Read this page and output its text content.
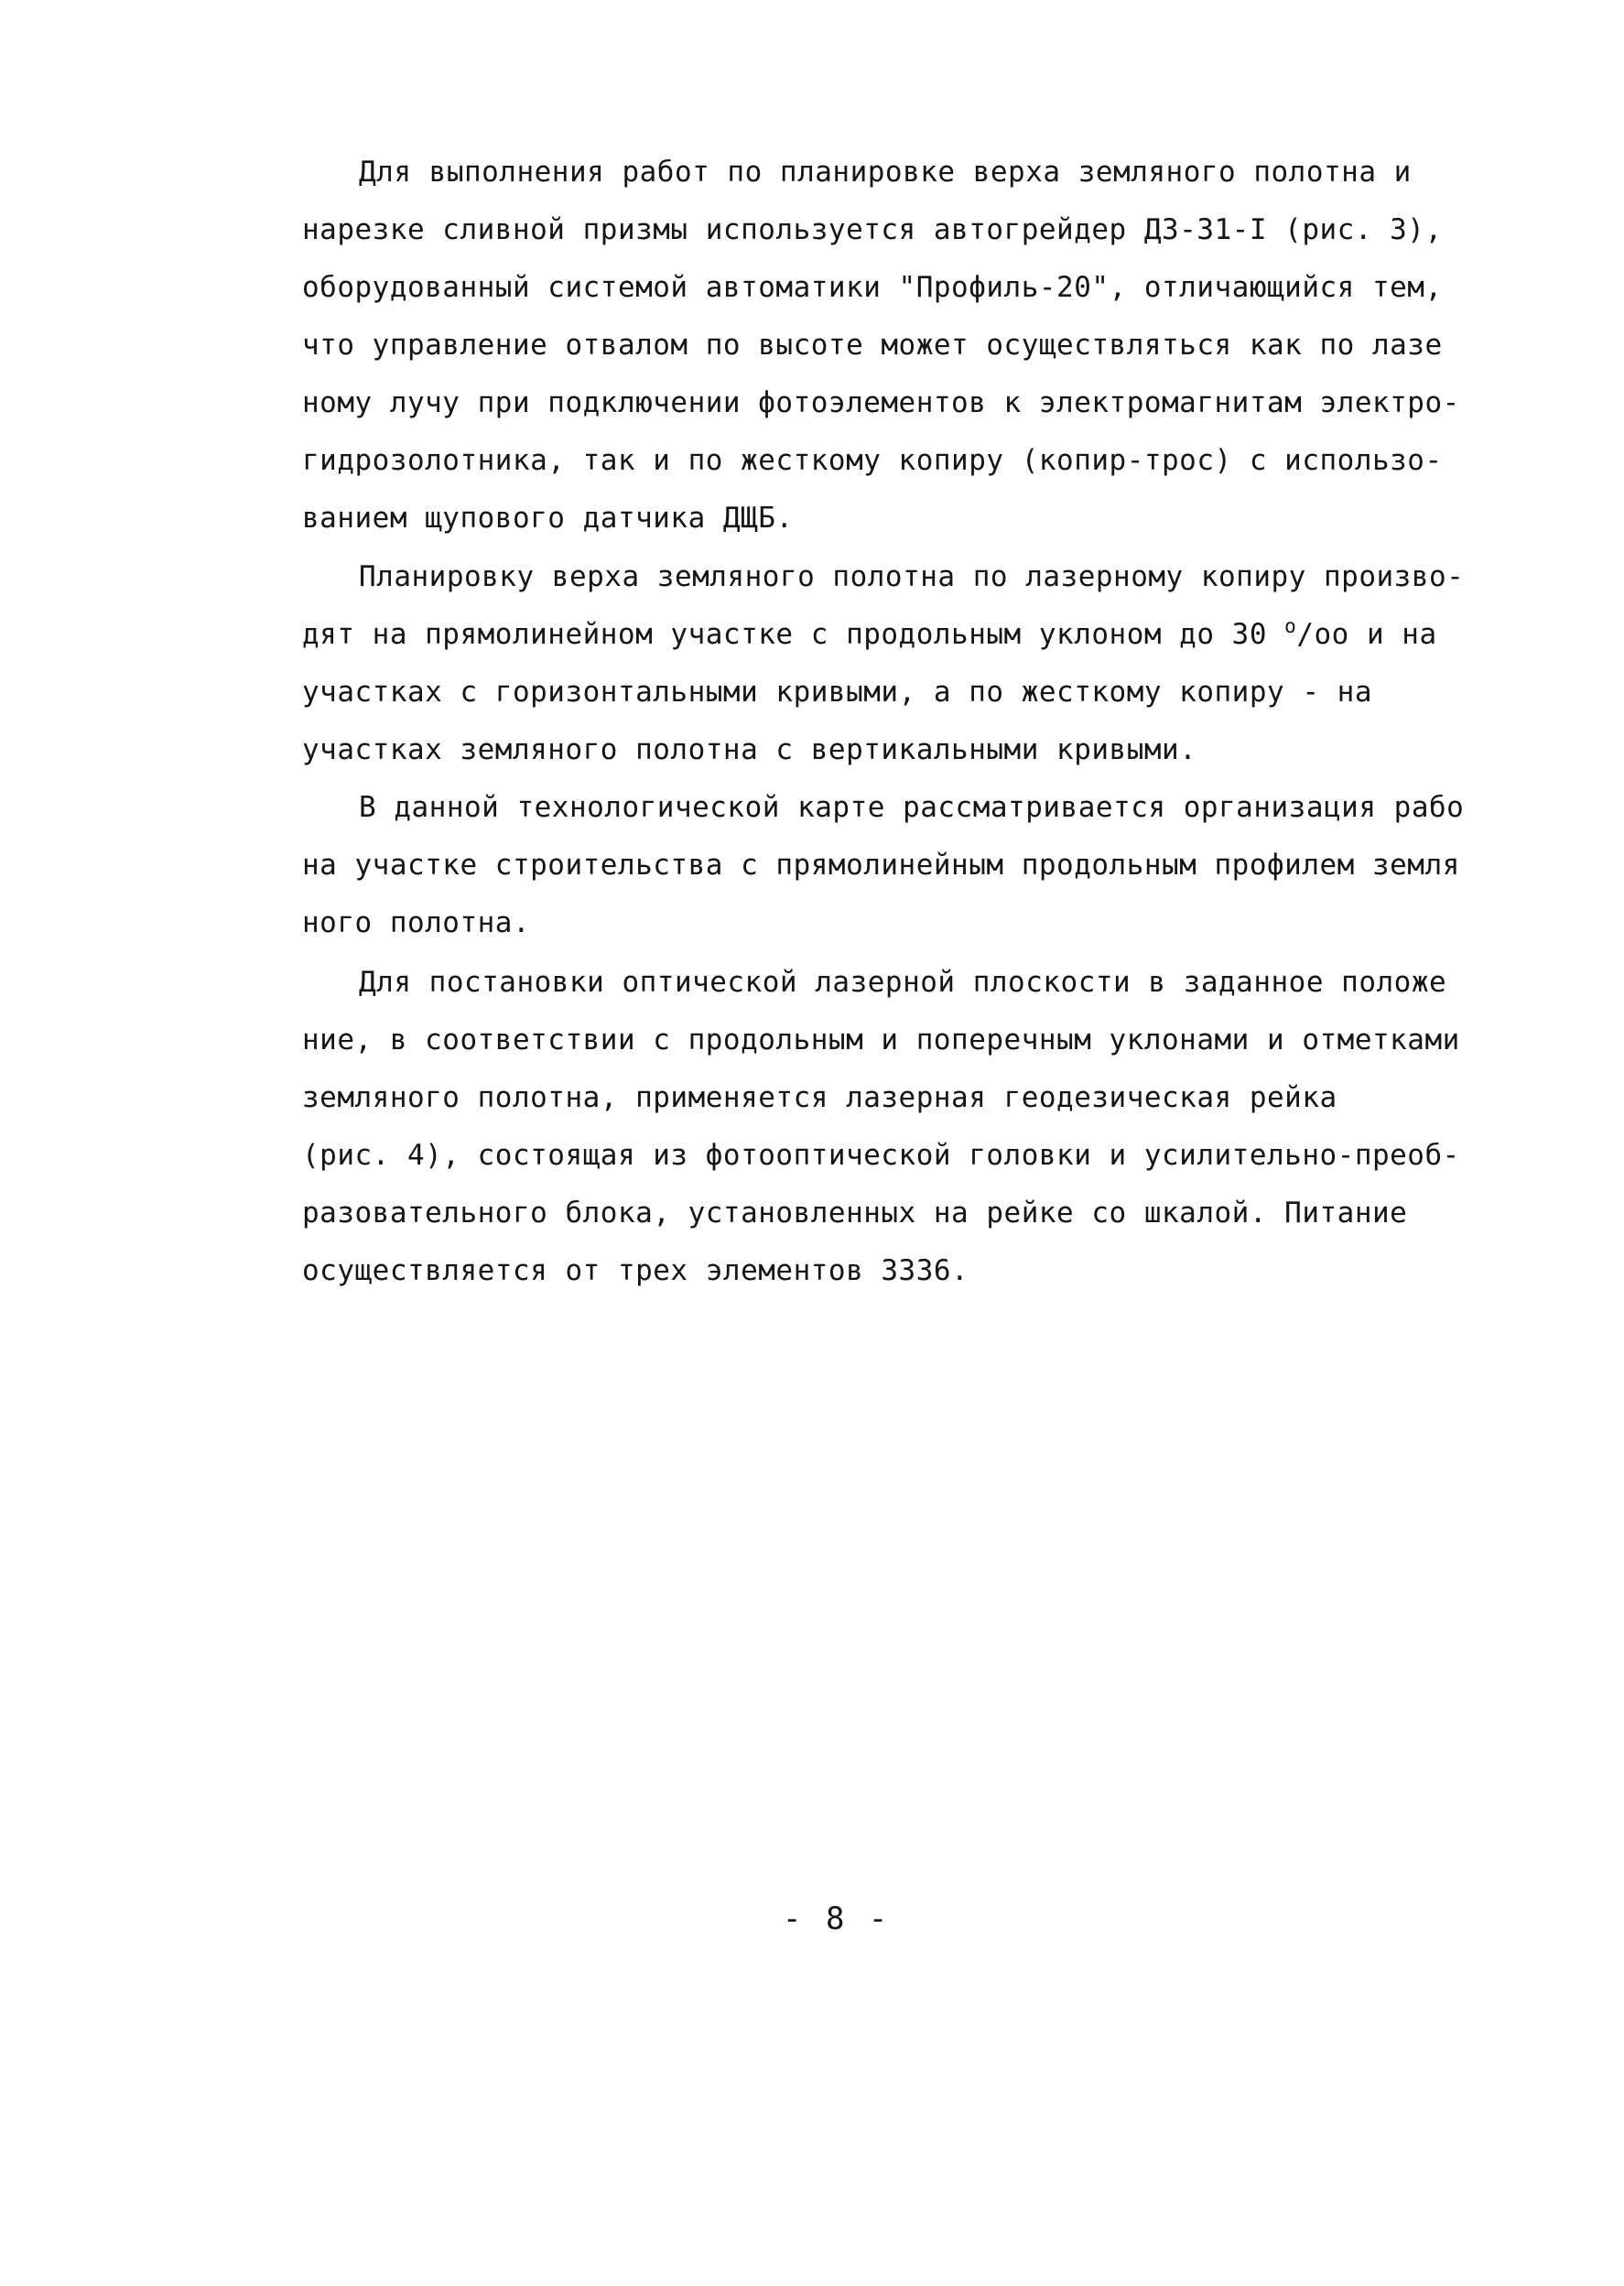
Для выполнения работ по планировке верха земляного полотна и
нарезке сливной призмы используется автогрейдер ДЗ-31-I (рис. 3),
оборудованный системой автоматики "Профиль-20", отличающийся тем,
что управление отвалом по высоте может осуществляться как по лазе
ному лучу при подключении фотоэлементов к электромагнитам электро-
гидрозолотника, так и по жесткому копиру (копир-трос) с использо-
ванием щупового датчика ДЩБ.
Планировку верха земляного полотна по лазерному копиру произво-
дят на прямолинейном участке с продольным уклоном до 30 $^o$/oo и на
участках с горизонтальными кривыми, а по жесткому копиру - на
участках земляного полотна с вертикальными кривыми.
В данной технологической карте рассматривается организация рабо
на участке строительства с прямолинейным продольным профилем земля
ного полотна.
Для постановки оптической лазерной плоскости в заданное положе
ние, в соответствии с продольным и поперечным уклонами и отметками
земляного полотна, применяется лазерная геодезическая рейка
(рис. 4), состоящая из фотооптической головки и усилительно-преоб-
разовательного блока, установленных на рейке со шкалой. Питание
осуществляется от трех элементов 3336.
- 8 -
